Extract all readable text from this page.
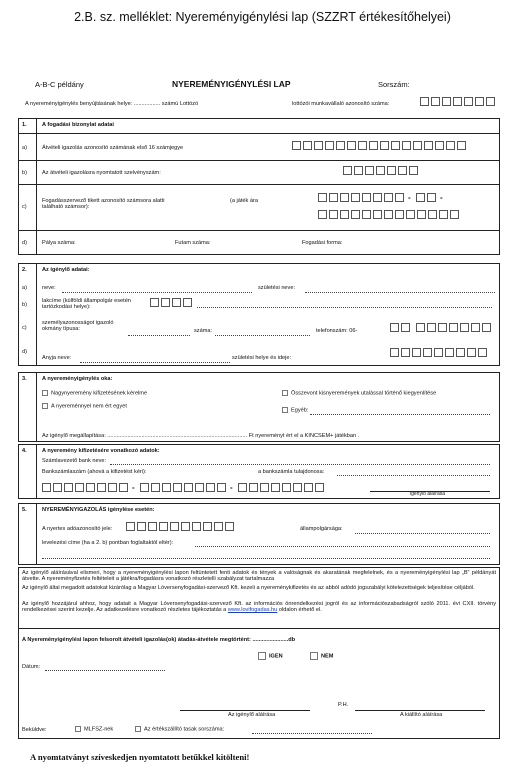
2.B. sz. melléklet: Nyereményigénylési lap (SZZRT értékesítőhelyei)
A-B-C példány	NYEREMÉNYIGÉNYLÉSI LAP	Sorszám:
A nyereményigénylés benyújtásának helye: ................. számú Lottózó	lottózói munkavállaló azonosító száma:
1.	A fogadási bizonylat adatai
a)	Átvételi igazolás azonosító számának első 16 számjegye
b)	Az átvételi igazolásra nyomtatott szelvényszám:
c)
Fogadásszervező tikett azonosító számsora alatti található számsor):
(a játék ára	-	-
d)	Pálya száma:	Futam száma:	Fogadási forma:
2.	Az igénylő adatai:
a)	neve:	születési neve:
b)
lakcíme (külföldi állampolgár esetén tartózkodási helye):
c)
személyazonosságot igazoló okmány típusa:	száma:	telefonszám: 06-
d)
Anyja neve:	születési helye és ideje:
3.	A nyereményigénylés oka:
Nagynyeremény kifizetésének kérelme
A nyereménnyel nem ért egyet
Összevont kisnyeremények utalással történő kiegyenlítése
Egyéb:
Az igénylő megállapítása: .......................................................................................... Ft nyereményt ért el a KINCSEM+ játékban .
4.	A nyeremény kifizetésére vonatkozó adatok:
Számlavezető bank neve:
Bankszámlaszám (ahová a kifizetést kéri):	a bankszámla tulajdonosa:
-	-
igénylő aláírása
5.	NYEREMÉNYIGAZOLÁS igénylése esetén:
A nyertes adóazonosító jele:	állampolgársága:
levelezési címe (ha a 2. b) pontban foglaltaktól eltér):
Az igénylő aláírásával elismeri, hogy a nyereményigénylési lapon feltüntetett fenti adatok és tények a valóságnak és akaratának megfelelnek, és a nyereményigénylési lap „B” példányát átvette. A nyereményfizetés feltételeit a játékra/fogadásra vonatkozó részletelli szabályzat tartalmazza
Az igénylő által megadott adatokat kizárólag a Magyar Lóversenyfogadási-szervező Kft. kezeli a nyereménykifizetés és az abból adódó jogszabályi kötelezettségek teljesítése céljából.
Az igénylő hozzájárul ahhoz, hogy adatait a Magyar Lóversenyfogadási-szervező Kft. az információs önrendelkezési jogról és az információszabadságról szóló 2011. évi CXII. törvény rendelkezései szerint kezelje. Az adatkezelésre vonatkozó részletes tájékoztatás a www.lovifogadas.hu oldalon érhető el.
A Nyereményigénylési lapon felsorolt átvételi igazolás(ok) átadás-átvétele megtörtént: .......................db
IGEN	NEM
Dátum:
P.H.
Az igénylő aláírása	A kiállító aláírása
Beküldve:	MLFSZ-nek	Az értékszállító tasak sorszáma:
A nyomtatványt szíveskedjen nyomtatott betűkkel kitölteni!
